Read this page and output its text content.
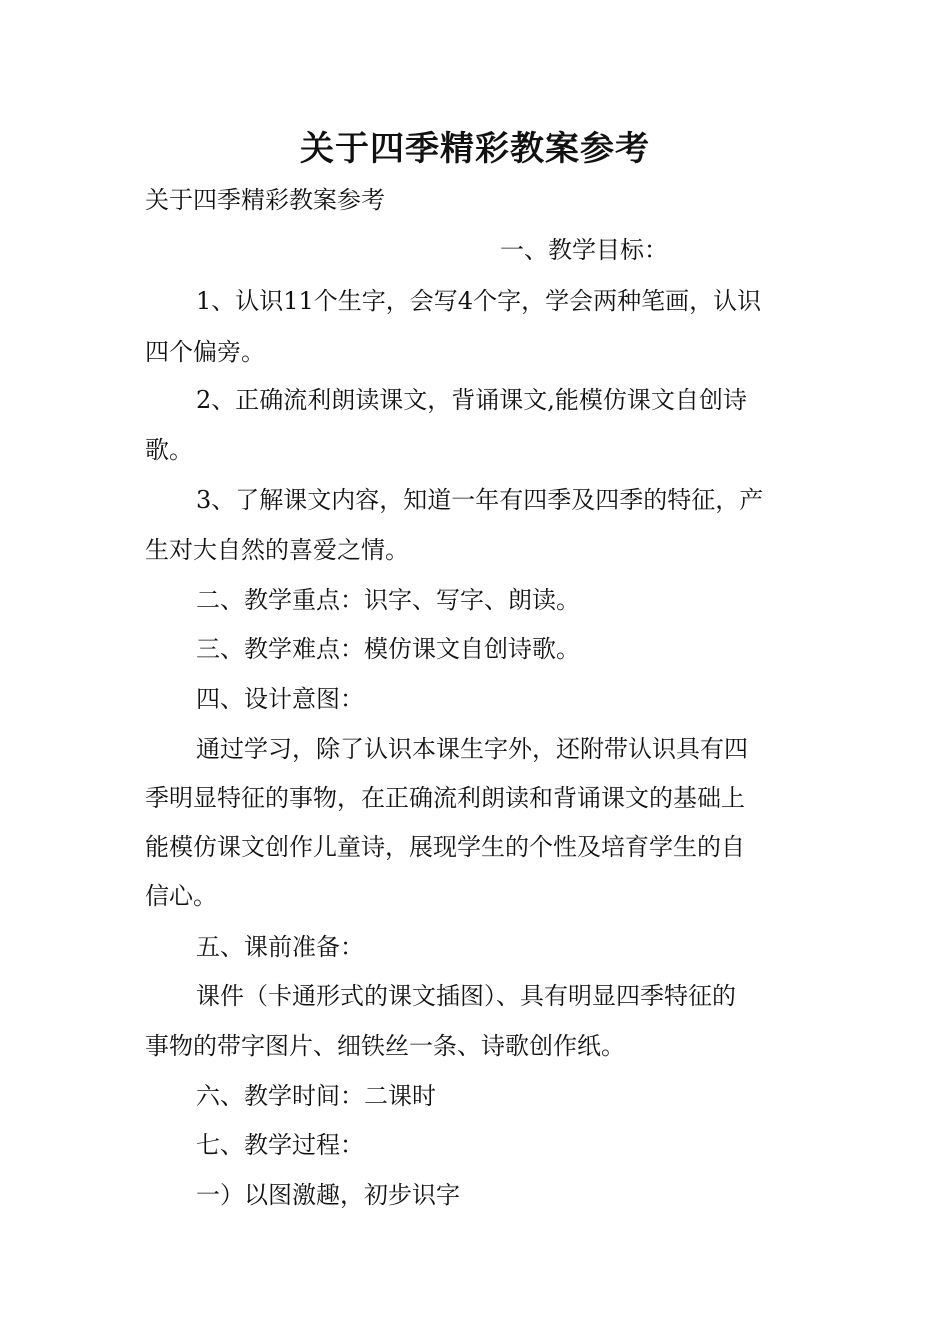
关于四季精彩教案参考

关于四季精彩教案参考

一、教学目标：

1、认识11个生字，会写4个字，学会两种笔画，认识

四个偏旁。

2、正确流利朗读课文，背诵课文,能模仿课文自创诗

歌。

3、了解课文内容，知道一年有四季及四季的特征，产

生对大自然的喜爱之情。

二、教学重点：识字、写字、朗读。

三、教学难点：模仿课文自创诗歌。

四、设计意图：

通过学习，除了认识本课生字外，还附带认识具有四

季明显特征的事物，在正确流利朗读和背诵课文的基础上

能模仿课文创作儿童诗，展现学生的个性及培育学生的自

信心。

五、课前准备：

课件（卡通形式的课文插图）、具有明显四季特征的

事物的带字图片、细铁丝一条、诗歌创作纸。

六、教学时间：二课时

七、教学过程：

一）以图激趣，初步识字
